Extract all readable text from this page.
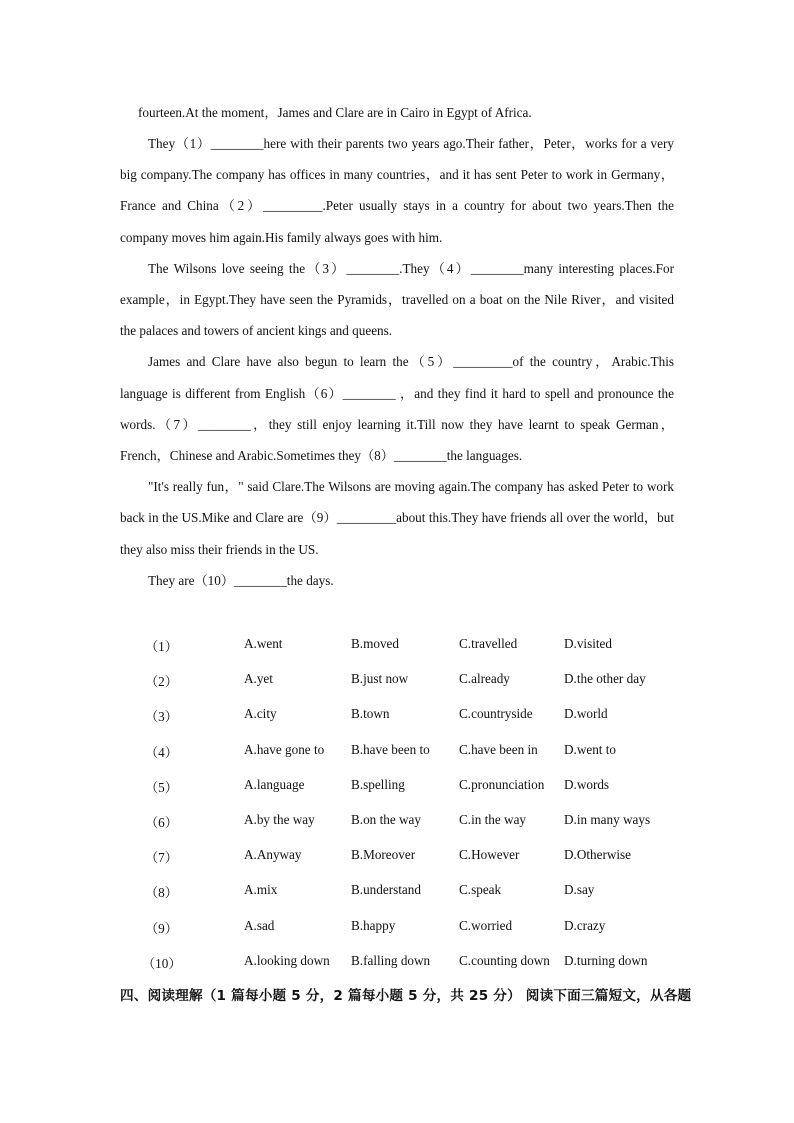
fourteen.At the moment，James and Clare are in Cairo in Egypt of Africa.

They（1）________here with their parents two years ago.Their father，Peter，works for a very big company.The company has offices in many countries，and it has sent Peter to work in Germany，France and China（2）_________.Peter usually stays in a country for about two years.Then the company moves him again.His family always goes with him.

The Wilsons love seeing the（3）________.They（4）________many interesting places.For example，in Egypt.They have seen the Pyramids，travelled on a boat on the Nile River，and visited the palaces and towers of ancient kings and queens.

James and Clare have also begun to learn the（5）_________of the country，Arabic.This language is different from English（6）________ ，and they find it hard to spell and pronounce the words.（7）________，they still enjoy learning it.Till now they have learnt to speak German，French，Chinese and Arabic.Sometimes they（8）________the languages.

"It's really fun，" said Clare.The Wilsons are moving again.The company has asked Peter to work back in the US.Mike and Clare are（9）_________about this.They have friends all over the world，but they also miss their friends in the US.

They are（10）________the days.

（1）	A.went	B.moved	C.travelled	D.visited
（2）	A.yet	B.just now	C.already	D.the other day
（3）	A.city	B.town	C.countryside D.world
（4）	A.have gone to B.have been to C.have been in D.went to
（5）	A.language	B.spelling	C.pronunciation D.words
（6）	A.by the way	B.on the way	C.in the way	D.in many ways
（7）	A.Anyway	B.Moreover	C.However	D.Otherwise
（8）	A.mix	B.understand	C.speak	D.say
（9）	A.sad	B.happy	C.worried	D.crazy
（10）	A.looking down B.falling down C.counting down D.turning down
四、阅读理解（1 篇每小题 5 分，2 篇每小题 5 分，共 25 分） 阅读下面三篇短文，从各题
